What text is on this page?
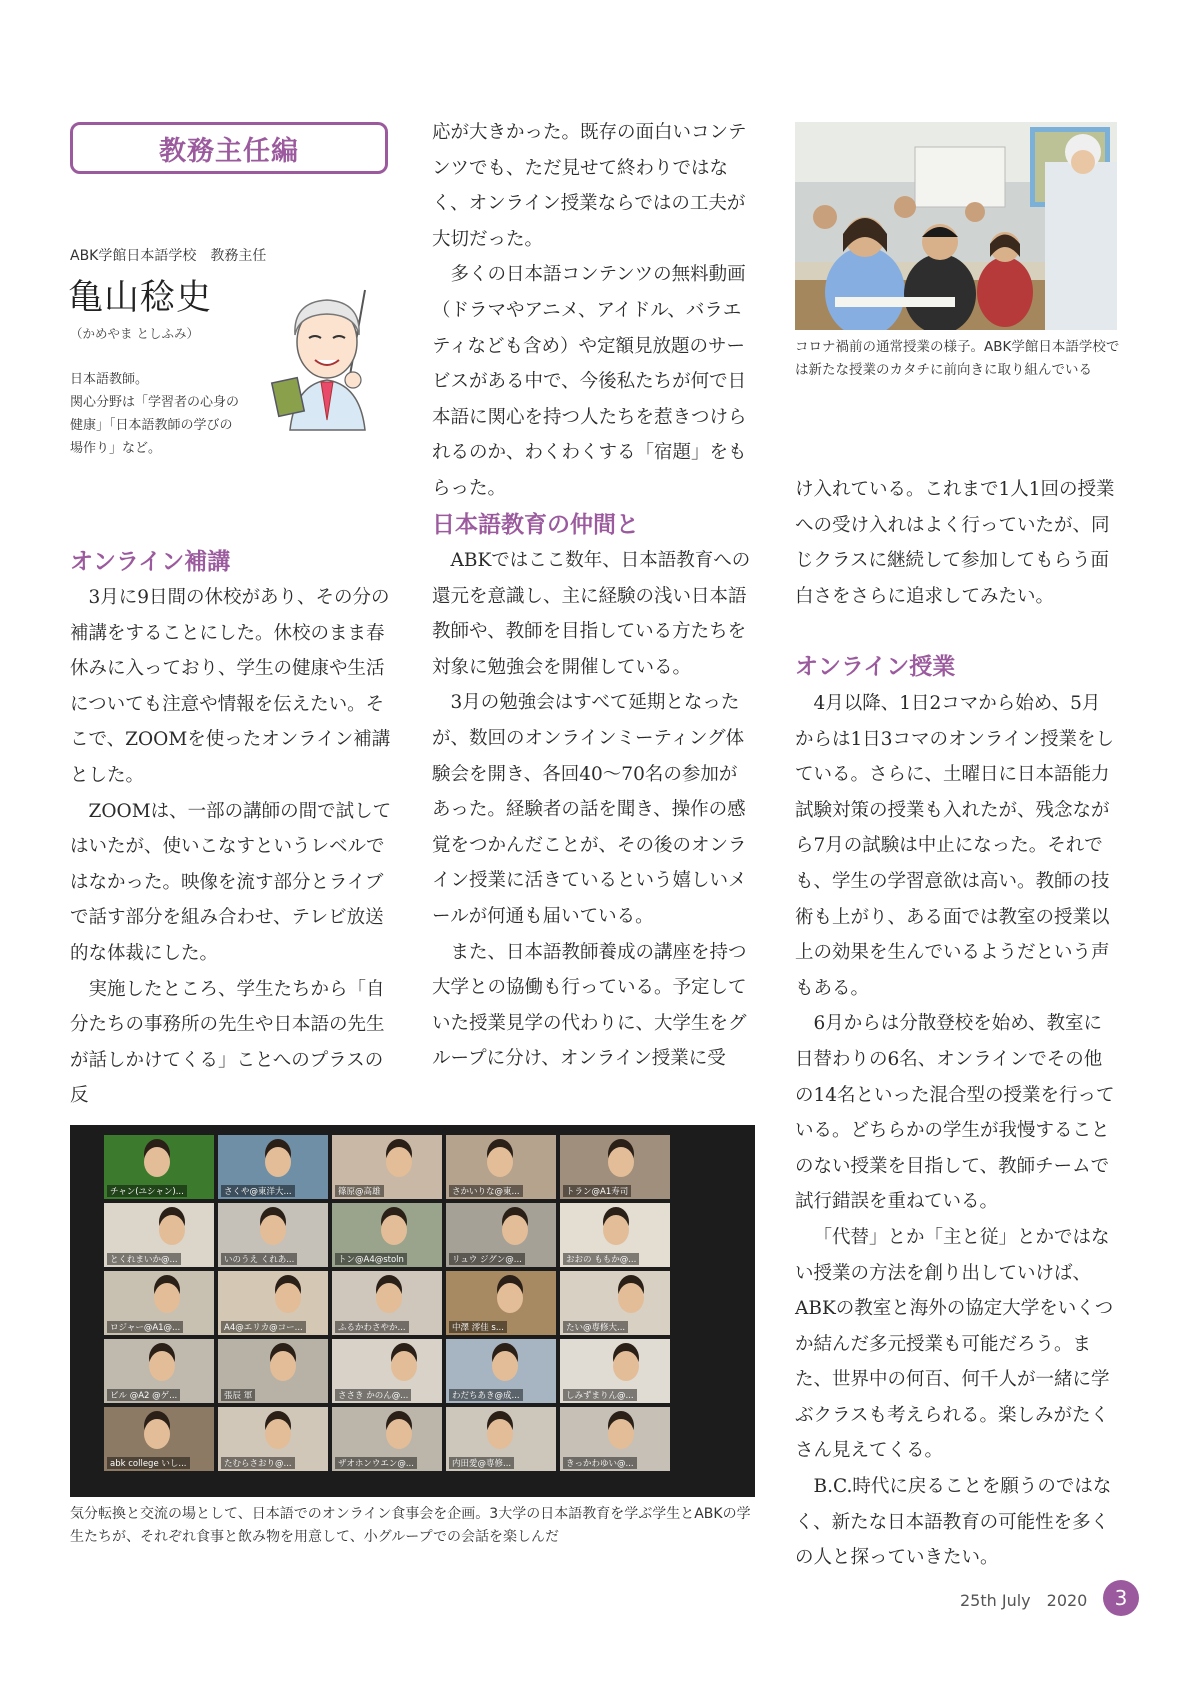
教務主任編
ABK学館日本語学校　教務主任
亀山稔史
（かめやま としふみ）
日本語教師。
関心分野は「学習者の心身の
健康」「日本語教師の学びの
場作り」など。
オンライン補講

3月に9日間の休校があり、その分の補講をすることにした。休校のまま春休みに入っており、学生の健康や生活についても注意や情報を伝えたい。そこで、ZOOMを使ったオンライン補講とした。

ZOOMは、一部の講師の間で試してはいたが、使いこなすというレベルではなかった。映像を流す部分とライブで話す部分を組み合わせ、テレビ放送的な体裁にした。

実施したところ、学生たちから「自分たちの事務所の先生や日本語の先生が話しかけてくる」ことへのプラスの反

応が大きかった。既存の面白いコンテンツでも、ただ見せて終わりではなく、オンライン授業ならではの工夫が大切だった。

多くの日本語コンテンツの無料動画（ドラマやアニメ、アイドル、バラエティなども含め）や定額見放題のサービスがある中で、今後私たちが何で日本語に関心を持つ人たちを惹きつけられるのか、わくわくする「宿題」をもらった。

日本語教育の仲間と

ABKではここ数年、日本語教育への還元を意識し、主に経験の浅い日本語教師や、教師を目指している方たちを対象に勉強会を開催している。

3月の勉強会はすべて延期となったが、数回のオンラインミーティング体験会を開き、各回40～70名の参加があった。経験者の話を聞き、操作の感覚をつかんだことが、その後のオンライン授業に活きているという嬉しいメールが何通も届いている。

また、日本語教師養成の講座を持つ大学との協働も行っている。予定していた授業見学の代わりに、大学生をグループに分け、オンライン授業に受

コロナ禍前の通常授業の様子。ABK学館日本語学校では新たな授業のカタチに前向きに取り組んでいる

け入れている。これまで1人1回の授業への受け入れはよく行っていたが、同じクラスに継続して参加してもらう面白さをさらに追求してみたい。

オンライン授業

4月以降、1日2コマから始め、5月からは1日3コマのオンライン授業をしている。さらに、土曜日に日本語能力試験対策の授業も入れたが、残念ながら7月の試験は中止になった。それでも、学生の学習意欲は高い。教師の技術も上がり、ある面では教室の授業以上の効果を生んでいるようだという声もある。

6月からは分散登校を始め、教室に日替わりの6名、オンラインでその他の14名といった混合型の授業を行っている。どちらかの学生が我慢することのない授業を目指して、教師チームで試行錯誤を重ねている。

「代替」とか「主と従」とかではない授業の方法を創り出していけば、ABKの教室と海外の協定大学をいくつか結んだ多元授業も可能だろう。また、世界中の何百、何千人が一緒に学ぶクラスも考えられる。楽しみがたくさん見えてくる。

B.C.時代に戻ることを願うのではなく、新たな日本語教育の可能性を多くの人と探っていきたい。

チャン(ユシャン)...	さくや@東洋大...	篠原@高雄	さかいりな@東...	トラン@A1寿司
とくれまいか@...	いのうえ くれあ...	トン@A4@stoln	リュウ ジグン@...	おおの ももか@...
ロジャー@A1@...	A4@エリカ@コー...	ふるかわさやか...	中澤 澪佳 s...	たい@専修大...
ビル @A2 @ゲ...	張辰 軍	ささき かのん@...	わだちあき@成...	しみずまりん@...
abk college いし...	たむらさおり@...	ザオホンウエン@...	内田愛@専修...	きっかわゆい@...
気分転換と交流の場として、日本語でのオンライン食事会を企画。3大学の日本語教育を学ぶ学生とABKの学生たちが、それぞれ食事と飲み物を用意して、小グループでの会話を楽しんだ
25th July　2020	3
